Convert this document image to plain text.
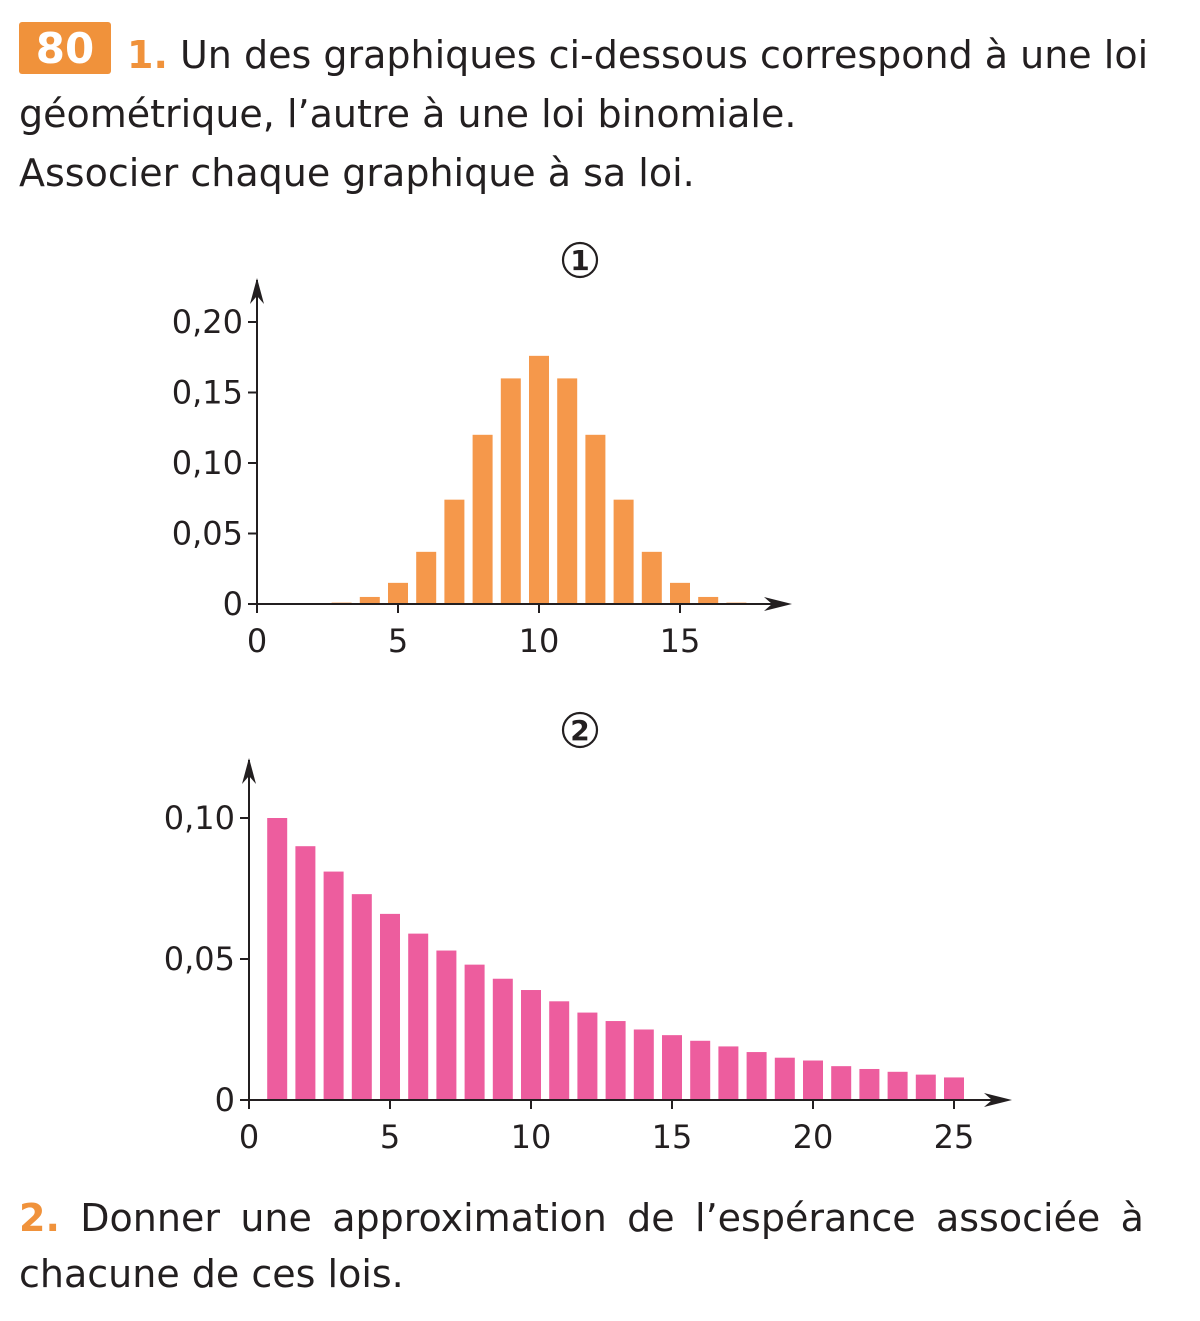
80 1. Un des graphiques ci-dessous correspond à une loi
géométrique, l’autre à une loi binomiale.
Associer chaque graphique à sa loi.
1
0
0,05
0,10
0,15
0,20
0	5	10	15
2
0
0,05
0,10
0	5	10	15	20	25
2. Donner une approximation de l’espérance associée à chacune de ces lois.
